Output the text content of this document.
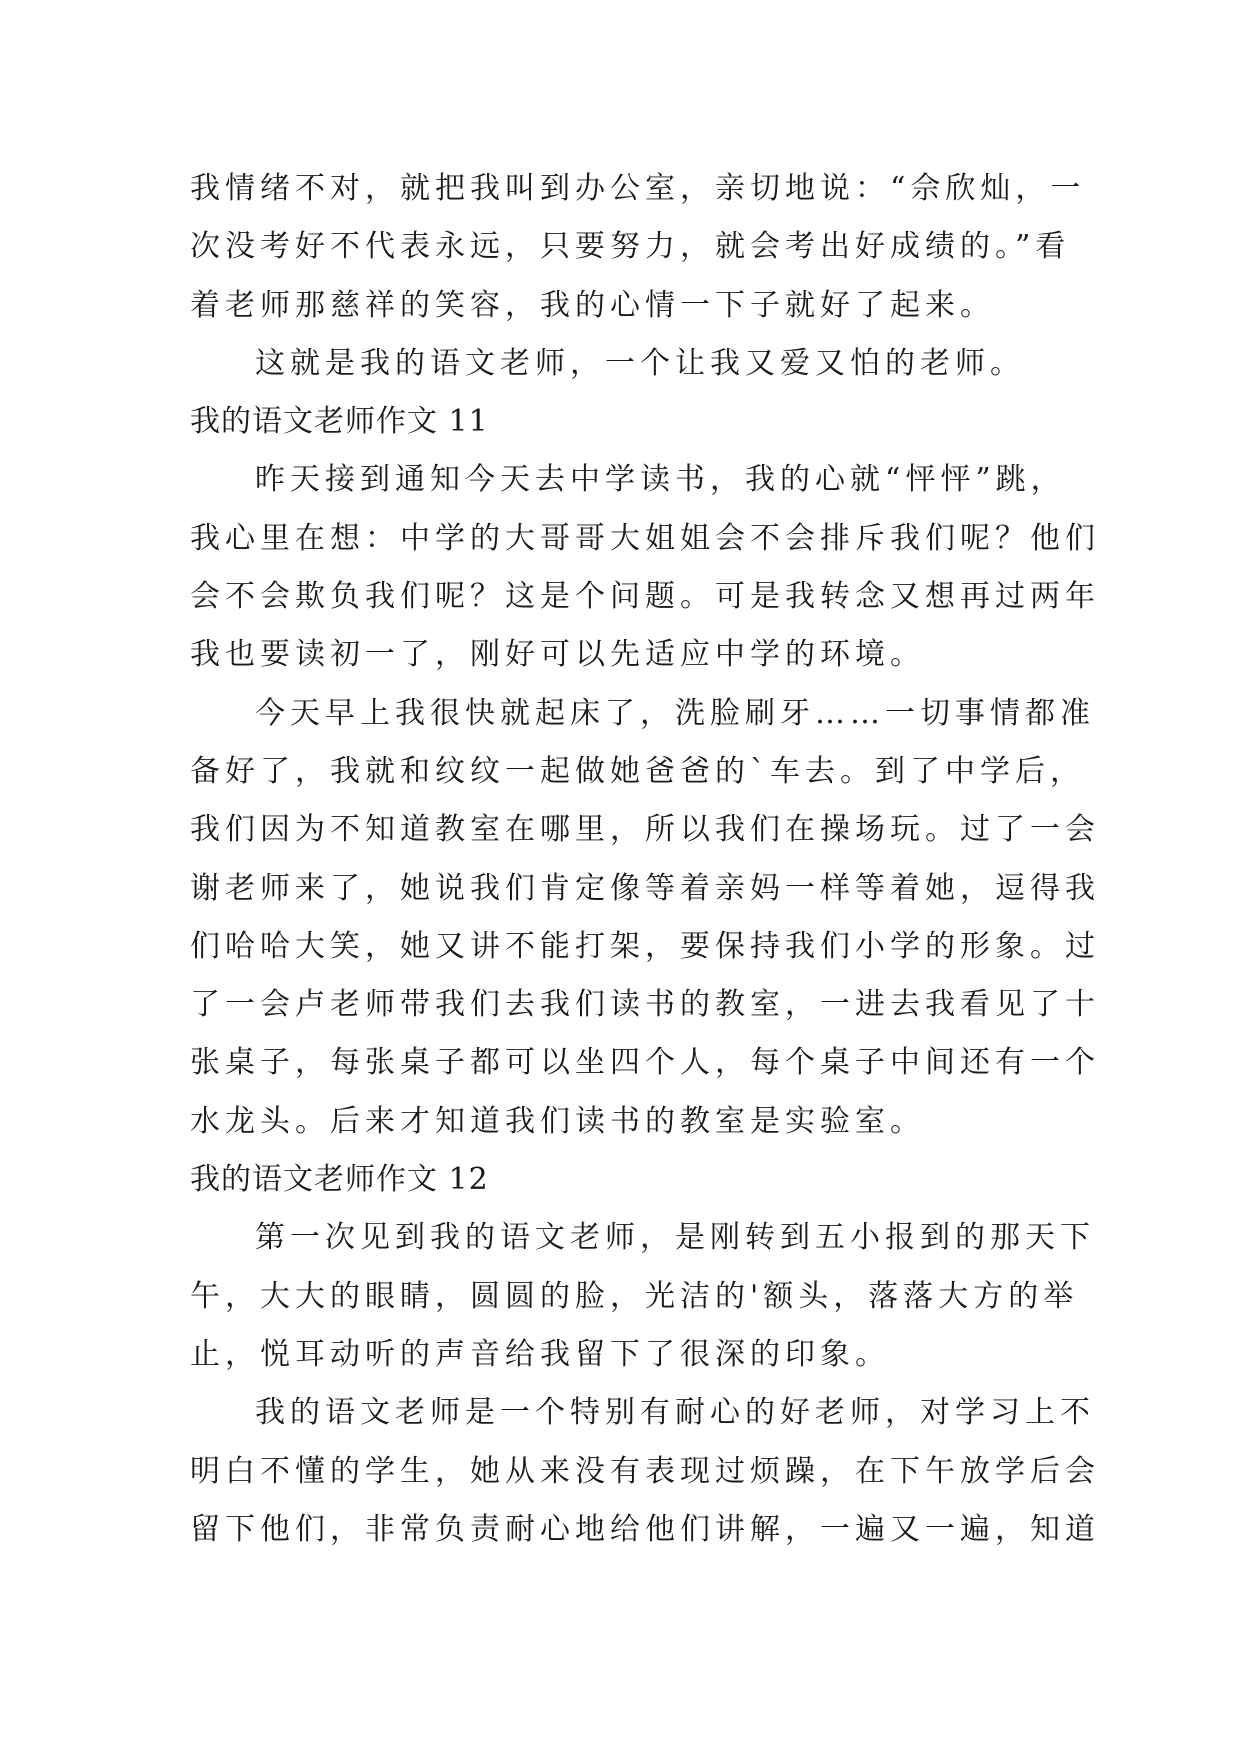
我情绪不对，就把我叫到办公室，亲切地说：“佘欣灿，一
次没考好不代表永远，只要努力，就会考出好成绩的。”看
着老师那慈祥的笑容，我的心情一下子就好了起来。
这就是我的语文老师，一个让我又爱又怕的老师。
我的语文老师作文 11
昨天接到通知今天去中学读书，我的心就“怦怦”跳，
我心里在想：中学的大哥哥大姐姐会不会排斥我们呢？他们
会不会欺负我们呢？这是个问题。可是我转念又想再过两年
我也要读初一了，刚好可以先适应中学的环境。
今天早上我很快就起床了，洗脸刷牙……一切事情都准
备好了，我就和纹纹一起做她爸爸的`车去。到了中学后，
我们因为不知道教室在哪里，所以我们在操场玩。过了一会
谢老师来了，她说我们肯定像等着亲妈一样等着她，逗得我
们哈哈大笑，她又讲不能打架，要保持我们小学的形象。过
了一会卢老师带我们去我们读书的教室，一进去我看见了十
张桌子，每张桌子都可以坐四个人，每个桌子中间还有一个
水龙头。后来才知道我们读书的教室是实验室。
我的语文老师作文 12
第一次见到我的语文老师，是刚转到五小报到的那天下
午，大大的眼睛，圆圆的脸，光洁的'额头，落落大方的举
止，悦耳动听的声音给我留下了很深的印象。
我的语文老师是一个特别有耐心的好老师，对学习上不
明白不懂的学生，她从来没有表现过烦躁，在下午放学后会
留下他们，非常负责耐心地给他们讲解，一遍又一遍，知道
